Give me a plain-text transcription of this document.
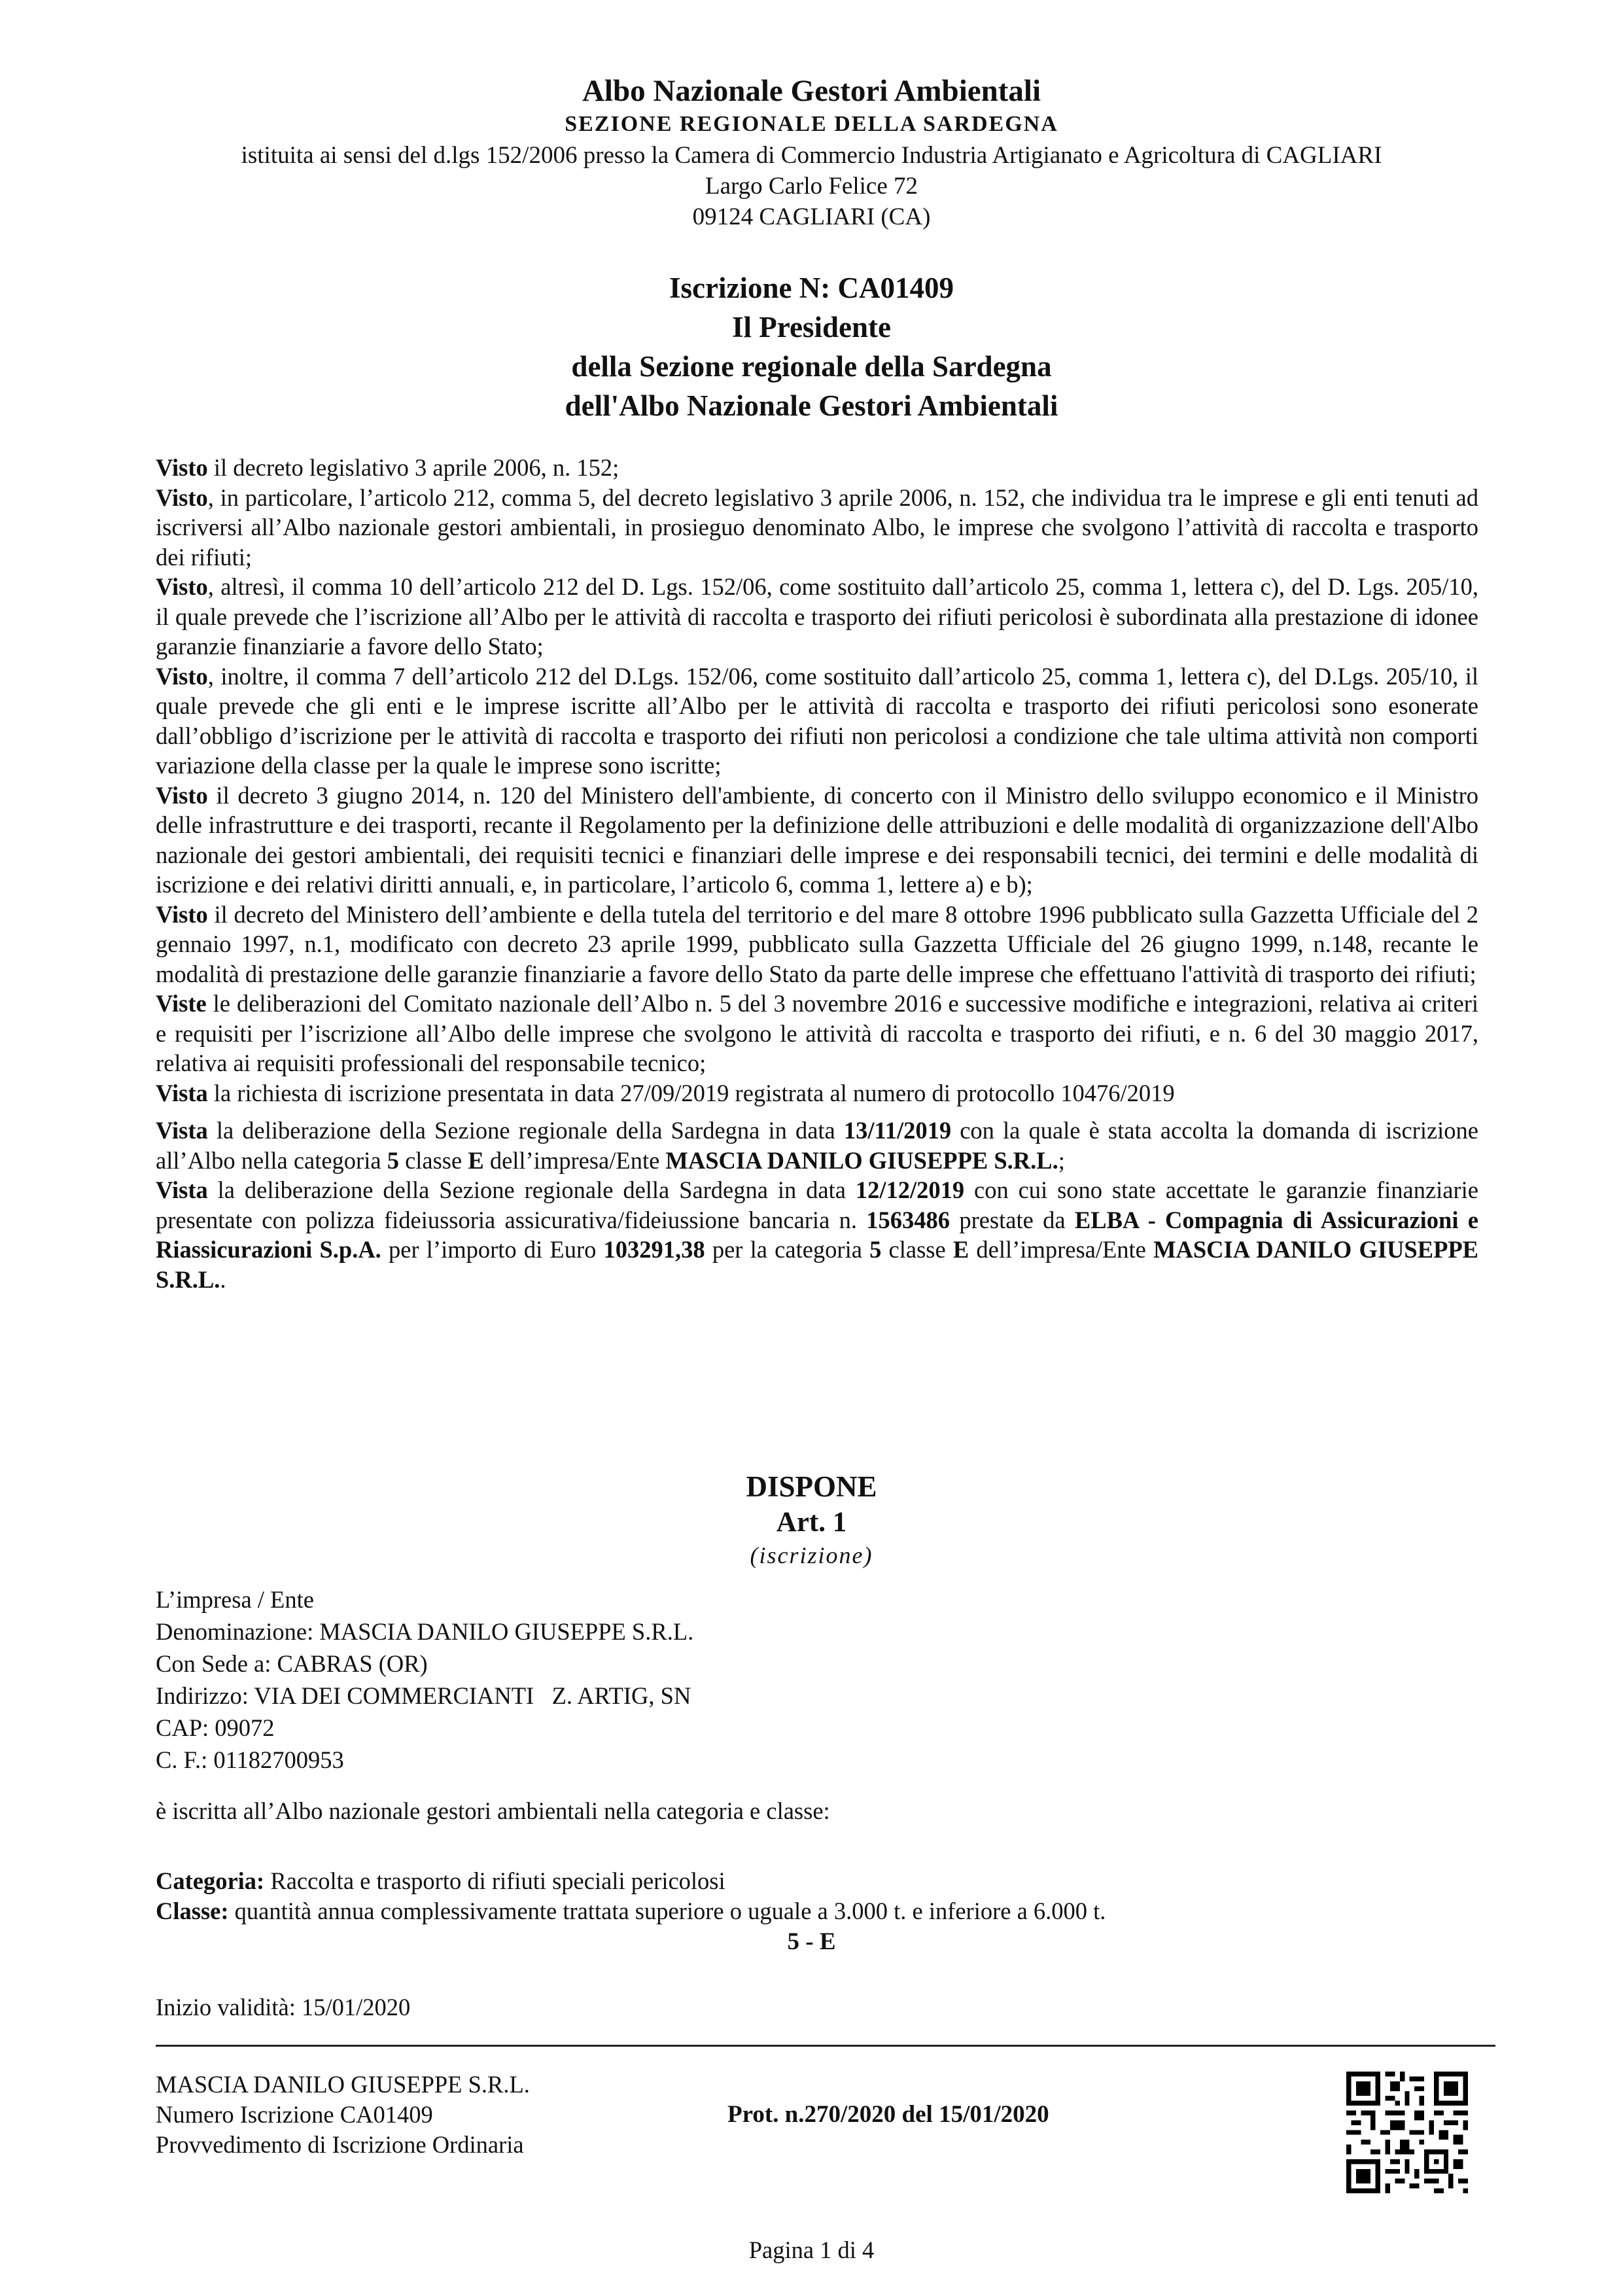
Albo Nazionale Gestori Ambientali
SEZIONE REGIONALE DELLA SARDEGNA
istituita ai sensi del d.lgs 152/2006 presso la Camera di Commercio Industria Artigianato e Agricoltura di CAGLIARI
Largo Carlo Felice 72
09124 CAGLIARI (CA)
Iscrizione N: CA01409
Il Presidente
della Sezione regionale della Sardegna
dell'Albo Nazionale Gestori Ambientali

Visto il decreto legislativo 3 aprile 2006, n. 152;

Visto, in particolare, l’articolo 212, comma 5, del decreto legislativo 3 aprile 2006, n. 152, che individua tra le imprese e gli enti tenuti ad iscriversi all’Albo nazionale gestori ambientali, in prosieguo denominato Albo, le imprese che svolgono l’attività di raccolta e trasporto dei rifiuti;

Visto, altresì, il comma 10 dell’articolo 212 del D. Lgs. 152/06, come sostituito dall’articolo 25, comma 1, lettera c), del D. Lgs. 205/10, il quale prevede che l’iscrizione all’Albo per le attività di raccolta e trasporto dei rifiuti pericolosi è subordinata alla prestazione di idonee garanzie finanziarie a favore dello Stato;

Visto, inoltre, il comma 7 dell’articolo 212 del D.Lgs. 152/06, come sostituito dall’articolo 25, comma 1, lettera c), del D.Lgs. 205/10, il quale prevede che gli enti e le imprese iscritte all’Albo per le attività di raccolta e trasporto dei rifiuti pericolosi sono esonerate dall’obbligo d’iscrizione per le attività di raccolta e trasporto dei rifiuti non pericolosi a condizione che tale ultima attività non comporti variazione della classe per la quale le imprese sono iscritte;

Visto il decreto 3 giugno 2014, n. 120 del Ministero dell'ambiente, di concerto con il Ministro dello sviluppo economico e il Ministro delle infrastrutture e dei trasporti, recante il Regolamento per la definizione delle attribuzioni e delle modalità di organizzazione dell'Albo nazionale dei gestori ambientali, dei requisiti tecnici e finanziari delle imprese e dei responsabili tecnici, dei termini e delle modalità di iscrizione e dei relativi diritti annuali, e, in particolare, l’articolo 6, comma 1, lettere a) e b);

Visto il decreto del Ministero dell’ambiente e della tutela del territorio e del mare 8 ottobre 1996 pubblicato sulla Gazzetta Ufficiale del 2 gennaio 1997, n.1, modificato con decreto 23 aprile 1999, pubblicato sulla Gazzetta Ufficiale del 26 giugno 1999, n.148, recante le modalità di prestazione delle garanzie finanziarie a favore dello Stato da parte delle imprese che effettuano l'attività di trasporto dei rifiuti;

Viste le deliberazioni del Comitato nazionale dell’Albo n. 5 del 3 novembre 2016 e successive modifiche e integrazioni, relativa ai criteri e requisiti per l’iscrizione all’Albo delle imprese che svolgono le attività di raccolta e trasporto dei rifiuti, e n. 6 del 30 maggio 2017, relativa ai requisiti professionali del responsabile tecnico;

Vista la richiesta di iscrizione presentata in data 27/09/2019 registrata al numero di protocollo 10476/2019

Vista la deliberazione della Sezione regionale della Sardegna in data 13/11/2019 con la quale è stata accolta la domanda di iscrizione all’Albo nella categoria 5 classe E dell’impresa/Ente MASCIA DANILO GIUSEPPE S.R.L.;

Vista la deliberazione della Sezione regionale della Sardegna in data 12/12/2019 con cui sono state accettate le garanzie finanziarie presentate con polizza fideiussoria assicurativa/fideiussione bancaria n. 1563486 prestate da ELBA - Compagnia di Assicurazioni e Riassicurazioni S.p.A. per l’importo di Euro 103291,38 per la categoria 5 classe E dell’impresa/Ente MASCIA DANILO GIUSEPPE S.R.L..

DISPONE
Art. 1
(iscrizione)
L’impresa / Ente
Denominazione: MASCIA DANILO GIUSEPPE S.R.L.
Con Sede a: CABRAS (OR)
Indirizzo: VIA DEI COMMERCIANTI   Z. ARTIG, SN
CAP: 09072
C. F.: 01182700953
è iscritta all’Albo nazionale gestori ambientali nella categoria e classe:
Categoria: Raccolta e trasporto di rifiuti speciali pericolosi
Classe: quantità annua complessivamente trattata superiore o uguale a 3.000 t. e inferiore a 6.000 t.
5 - E
Inizio validità: 15/01/2020
MASCIA DANILO GIUSEPPE S.R.L.
Numero Iscrizione CA01409
Provvedimento di Iscrizione Ordinaria
Prot. n.270/2020 del 15/01/2020
Pagina 1 di 4
